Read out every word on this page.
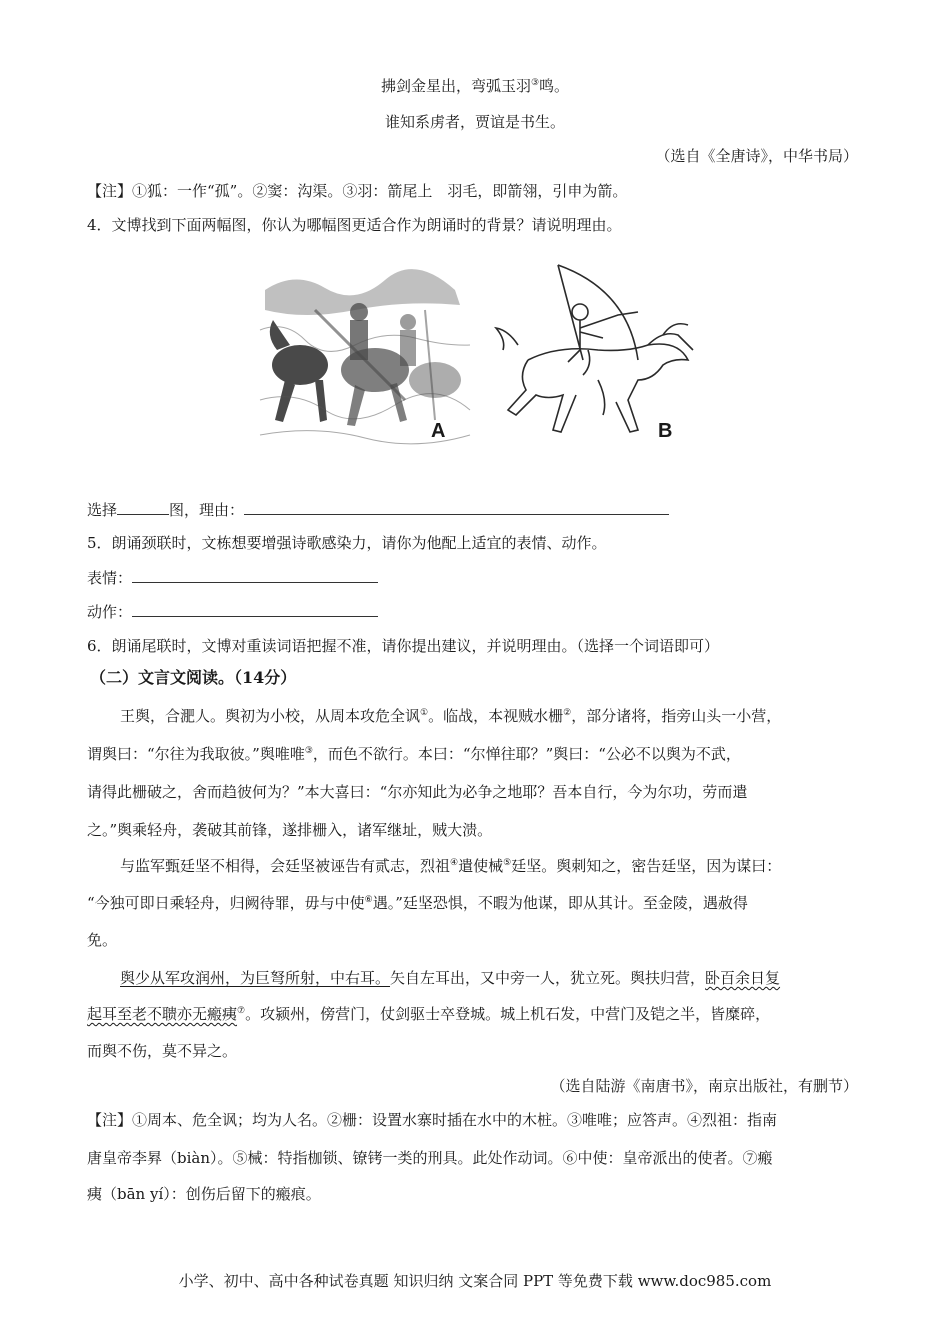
拂剑金星出，弯弧玉羽③鸣。
谁知系虏者，贾谊是书生。
（选自《全唐诗》，中华书局）
【注】①狐：一作“孤”。②窦：沟渠。③羽：箭尾上　羽毛，即箭翎，引申为箭。
4．文博找到下面两幅图，你认为哪幅图更适合作为朗诵时的背景？请说明理由。
A	B
选择	图，理由：
5．朗诵颈联时，文栋想要增强诗歌感染力，请你为他配上适宜的表情、动作。
表情：
动作：
6．朗诵尾联时，文博对重读词语把握不准，请你提出建议，并说明理由。（选择一个词语即可）
（二）文言文阅读。（14分）
王舆，合淝人。舆初为小校，从周本攻危全讽①。临战，本视贼水栅②，部分诸将，指旁山头一小营，
谓舆曰：“尔往为我取彼。”舆唯唯③，而色不欲行。本曰：“尔惮往耶？”舆曰：“公必不以舆为不武，
请得此栅破之，舍而趋彼何为？”本大喜曰：“尔亦知此为必争之地耶？吾本自行，今为尔功，劳而遣
之。”舆乘轻舟，袭破其前锋，遂排栅入，诸军继址，贼大溃。
与监军甄廷坚不相得，会廷坚被诬告有贰志，烈祖④遣使械⑤廷坚。舆刺知之，密告廷坚，因为谋曰：
“今独可即日乘轻舟，归阙待罪，毋与中使⑥遇。”廷坚恐惧，不暇为他谋，即从其计。至金陵，遇赦得
免。
舆少从军攻润州，为巨弩所射，中右耳。矢自左耳出，又中旁一人，犹立死。舆扶归营，卧百余日复
起耳至老不聩亦无瘢痍⑦。攻颍州，傍营门，仗剑驱士卒登城。城上机石发，中营门及铠之半，皆糜碎，
而舆不伤，莫不异之。
（选自陆游《南唐书》，南京出版社，有删节）
【注】①周本、危全讽；均为人名。②栅：设置水寨时插在水中的木桩。③唯唯；应答声。④烈祖：指南
唐皇帝李昪（biàn）。⑤械：特指枷锁、镣铐一类的刑具。此处作动词。⑥中使：皇帝派出的使者。⑦瘢
痍（bān yí）：创伤后留下的瘢痕。
小学、初中、高中各种试卷真题 知识归纳 文案合同 PPT 等免费下载 www.doc985.com
